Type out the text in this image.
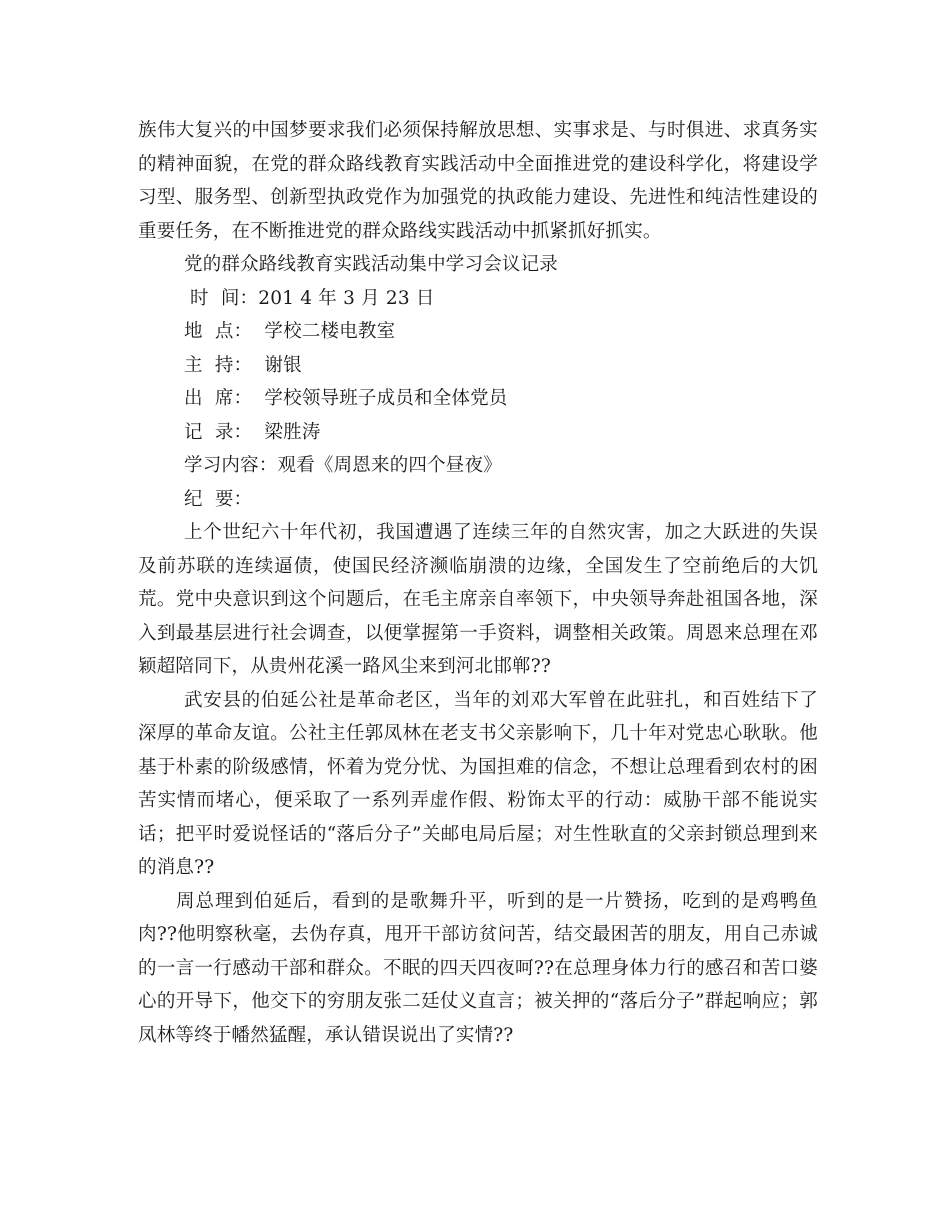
族伟大复兴的中国梦要求我们必须保持解放思想、实事求是、与时俱进、求真务实的精神面貌，在党的群众路线教育实践活动中全面推进党的建设科学化，将建设学习型、服务型、创新型执政党作为加强党的执政能力建设、先进性和纯洁性建设的重要任务，在不断推进党的群众路线实践活动中抓紧抓好抓实。

党的群众路线教育实践活动集中学习会议记录

时  间：201 4 年 3 月 23 日

地  点：  学校二楼电教室

主  持：  谢银

出  席：  学校领导班子成员和全体党员

记  录：  梁胜涛

学习内容：观看《周恩来的四个昼夜》

纪  要：

上个世纪六十年代初，我国遭遇了连续三年的自然灾害，加之大跃进的失误及前苏联的连续逼债，使国民经济濒临崩溃的边缘，全国发生了空前绝后的大饥荒。党中央意识到这个问题后，在毛主席亲自率领下，中央领导奔赴祖国各地，深入到最基层进行社会调查，以便掌握第一手资料，调整相关政策。周恩来总理在邓颖超陪同下，从贵州花溪一路风尘来到河北邯郸??

武安县的伯延公社是革命老区，当年的刘邓大军曾在此驻扎，和百姓结下了深厚的革命友谊。公社主任郭凤林在老支书父亲影响下，几十年对党忠心耿耿。他基于朴素的阶级感情，怀着为党分忧、为国担难的信念，不想让总理看到农村的困苦实情而堵心，便采取了一系列弄虚作假、粉饰太平的行动：威胁干部不能说实话；把平时爱说怪话的“落后分子”关邮电局后屋；对生性耿直的父亲封锁总理到来的消息??

周总理到伯延后，看到的是歌舞升平，听到的是一片赞扬，吃到的是鸡鸭鱼肉??他明察秋毫，去伪存真，甩开干部访贫问苦，结交最困苦的朋友，用自己赤诚的一言一行感动干部和群众。不眠的四天四夜呵??在总理身体力行的感召和苦口婆心的开导下，他交下的穷朋友张二廷仗义直言；被关押的“落后分子”群起响应；郭凤林等终于幡然猛醒，承认错误说出了实情??
